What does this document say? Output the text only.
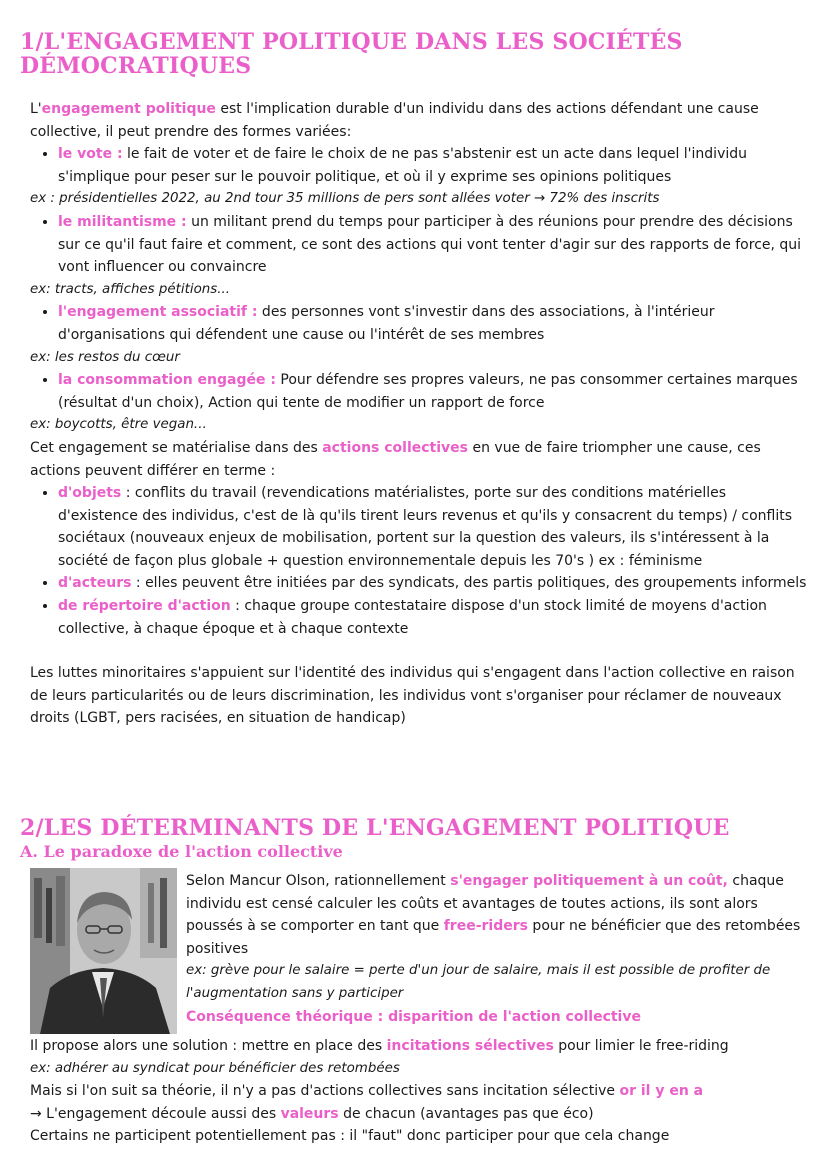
1/L'ENGAGEMENT POLITIQUE DANS LES SOCIÉTÉS
DÉMOCRATIQUES

L'engagement politique est l'implication durable d'un individu dans des actions défendant une cause collective, il peut prendre des formes variées:

• le vote : le fait de voter et de faire le choix de ne pas s'abstenir est un acte dans lequel l'individu s'implique pour peser sur le pouvoir politique, et où il y exprime ses opinions politiques

ex : présidentielles 2022, au 2nd tour 35 millions de pers sont allées voter → 72% des inscrits

• le militantisme : un militant prend du temps pour participer à des réunions pour prendre des décisions sur ce qu'il faut faire et comment, ce sont des actions qui vont tenter d'agir sur des rapports de force, qui vont influencer ou convaincre

ex: tracts, affiches pétitions...

• l'engagement associatif : des personnes vont s'investir dans des associations, à l'intérieur d'organisations qui défendent une cause ou l'intérêt de ses membres

ex: les restos du cœur

• la consommation engagée : Pour défendre ses propres valeurs, ne pas consommer certaines marques (résultat d'un choix), Action qui tente de modifier un rapport de force

ex: boycotts, être vegan...

Cet engagement se matérialise dans des actions collectives en vue de faire triompher une cause, ces actions peuvent différer en terme :

• d'objets : conflits du travail (revendications matérialistes, porte sur des conditions matérielles d'existence des individus, c'est de là qu'ils tirent leurs revenus et qu'ils y consacrent du temps) / conflits sociétaux (nouveaux enjeux de mobilisation, portent sur la question des valeurs, ils s'intéressent à la société de façon plus globale + question environnementale depuis les 70's ) ex : féminisme
• d'acteurs : elles peuvent être initiées par des syndicats, des partis politiques, des groupements informels
• de répertoire d'action : chaque groupe contestataire dispose d'un stock limité de moyens d'action collective, à chaque époque et à chaque contexte

Les luttes minoritaires s'appuient sur l'identité des individus qui s'engagent dans l'action collective en raison de leurs particularités ou de leurs discrimination, les individus vont s'organiser pour réclamer de nouveaux droits (LGBT, pers racisées, en situation de handicap)

2/LES DÉTERMINANTS DE L'ENGAGEMENT POLITIQUE
A. Le paradoxe de l'action collective

Selon Mancur Olson, rationnellement s'engager politiquement à un coût, chaque individu est censé calculer les coûts et avantages de toutes actions, ils sont alors poussés à se comporter en tant que free-riders pour ne bénéficier que des retombées positives

ex: grève pour le salaire = perte d'un jour de salaire, mais il est possible de profiter de l'augmentation sans y participer

Conséquence théorique : disparition de l'action collective

Il propose alors une solution : mettre en place des incitations sélectives pour limier le free-riding

ex: adhérer au syndicat pour bénéficier des retombées

Mais si l'on suit sa théorie, il n'y a pas d'actions collectives sans incitation sélective or il y en a

→ L'engagement découle aussi des valeurs de chacun (avantages pas que éco)

Certains ne participent potentiellement pas : il "faut" donc participer pour que cela change
